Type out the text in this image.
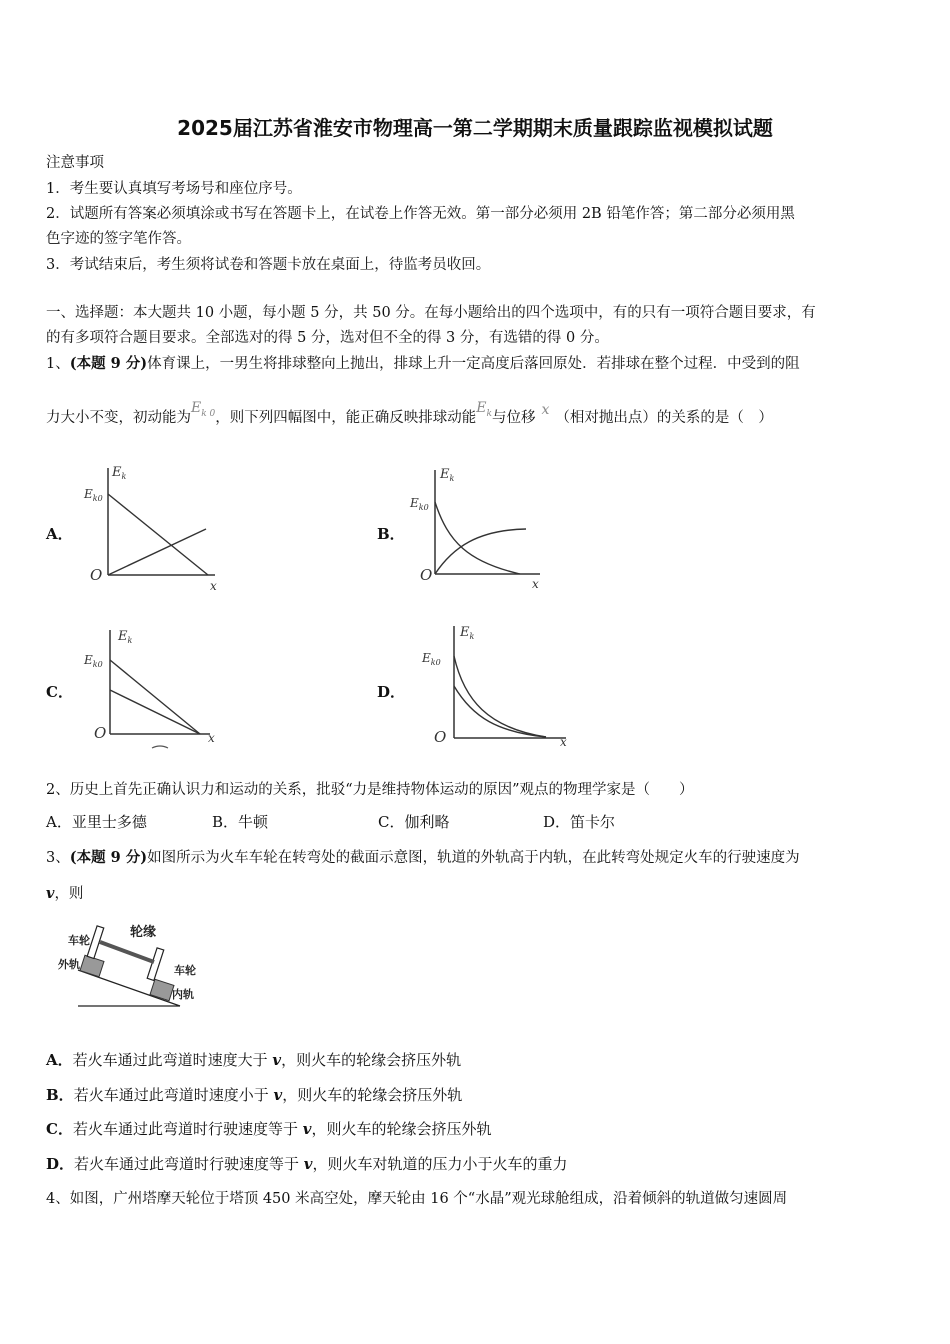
2025届江苏省淮安市物理高一第二学期期末质量跟踪监视模拟试题
注意事项
1．考生要认真填写考场号和座位序号。
2．试题所有答案必须填涂或书写在答题卡上，在试卷上作答无效。第一部分必须用 2B 铅笔作答；第二部分必须用黑
色字迹的签字笔作答。
3．考试结束后，考生须将试卷和答题卡放在桌面上，待监考员收回。
一、选择题：本大题共 10 小题，每小题 5 分，共 50 分。在每小题给出的四个选项中，有的只有一项符合题目要求，有
的有多项符合题目要求。全部选对的得 5 分，选对但不全的得 3 分，有选错的得 0 分。
1、(本题 9 分)体育课上，一男生将排球整向上抛出，排球上升一定高度后落回原处．若排球在整个过程．中受到的阻
力大小不变，初动能为$E_{k 0}$，则下列四幅图中，能正确反映排球动能$E_k$与位移 x （相对抛出点）的关系的是（　）
A．	B．
C．	D．
$E_k$
$E_{k0}$
O
x
$E_k$
$E_{k0}$
O	x
$E_k$
$E_{k0}$
O	x
$E_k$
$E_{k0}$
O	x
2、历史上首先正确认识力和运动的关系，批驳“力是维持物体运动的原因”观点的物理学家是（　　）
A．亚里士多德	B．牛顿	C．伽利略	D．笛卡尔
3、(本题 9 分)如图所示为火车车轮在转弯处的截面示意图，轨道的外轨高于内轨，在此转弯处规定火车的行驶速度为
v，则
车轮
外轨
轮缘
车轮
内轨
A．若火车通过此弯道时速度大于 v，则火车的轮缘会挤压外轨
B．若火车通过此弯道时速度小于 v，则火车的轮缘会挤压外轨
C．若火车通过此弯道时行驶速度等于 v，则火车的轮缘会挤压外轨
D．若火车通过此弯道时行驶速度等于 v，则火车对轨道的压力小于火车的重力
4、如图，广州塔摩天轮位于塔顶 450 米高空处，摩天轮由 16 个“水晶”观光球舱组成，沿着倾斜的轨道做匀速圆周
